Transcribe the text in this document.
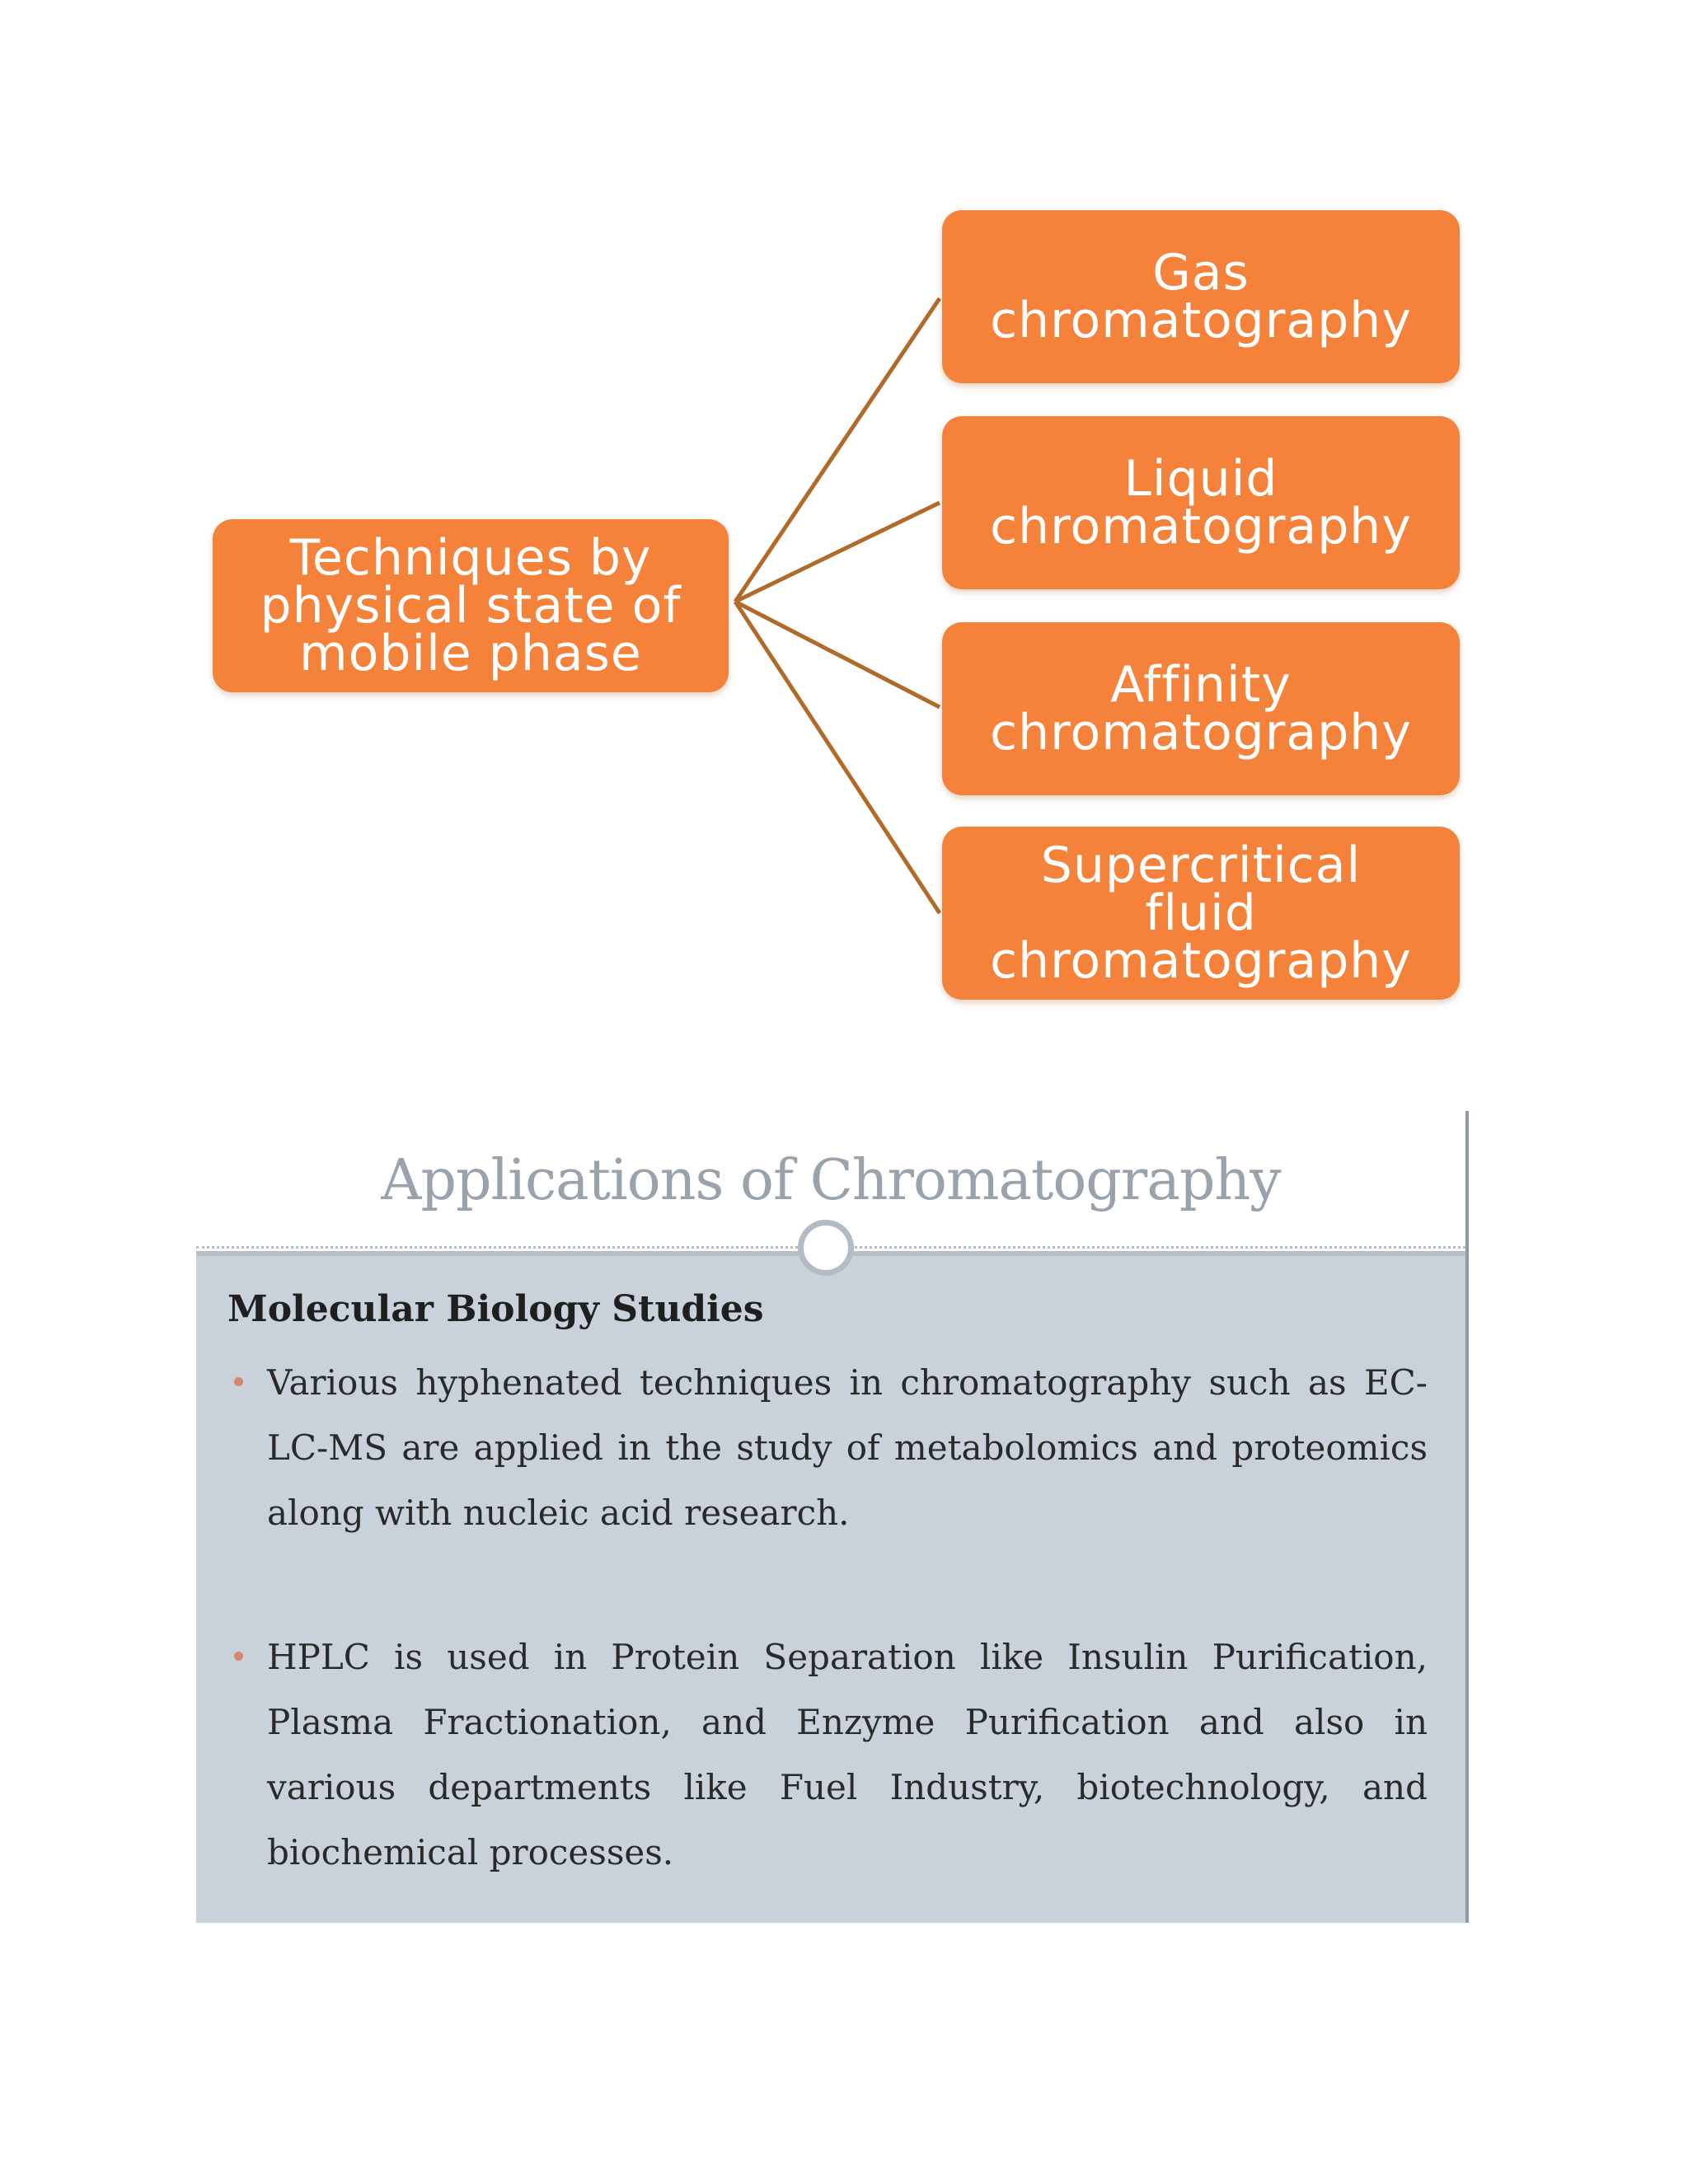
Techniques by
physical state of
mobile phase
Gas
chromatography
Liquid
chromatography
Affinity
chromatography
Supercritical
fluid
chromatography
Applications of Chromatography
Molecular Biology Studies
Various hyphenated techniques in chromatography such as EC-LC-MS are applied in the study of metabolomics and proteomics along with nucleic acid research.
HPLC is used in Protein Separation like Insulin Purification, Plasma Fractionation, and Enzyme Purification and also in various departments like Fuel Industry, biotechnology, and biochemical processes.
